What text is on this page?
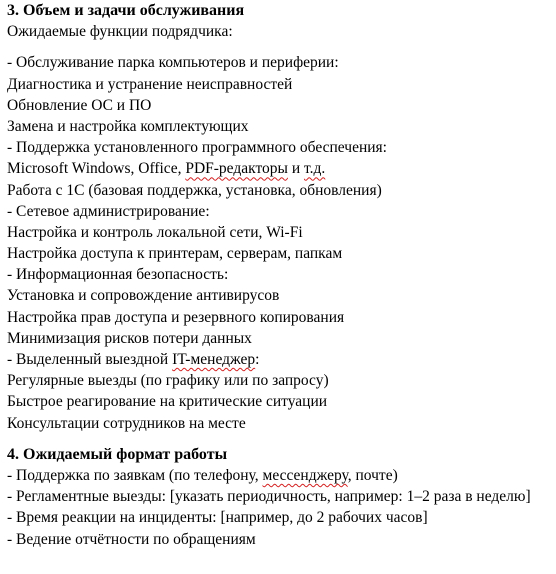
3. Объем и задачи обслуживания
Ожидаемые функции подрядчика:
- Обслуживание парка компьютеров и периферии:
Диагностика и устранение неисправностей
Обновление ОС и ПО
Замена и настройка комплектующих
- Поддержка установленного программного обеспечения:
Microsoft Windows, Office, PDF-редакторы и т.д.
Работа с 1С (базовая поддержка, установка, обновления)
- Сетевое администрирование:
Настройка и контроль локальной сети, Wi-Fi
Настройка доступа к принтерам, серверам, папкам
- Информационная безопасность:
Установка и сопровождение антивирусов
Настройка прав доступа и резервного копирования
Минимизация рисков потери данных
- Выделенный выездной IT-менеджер:
Регулярные выезды (по графику или по запросу)
Быстрое реагирование на критические ситуации
Консультации сотрудников на месте
4. Ожидаемый формат работы
- Поддержка по заявкам (по телефону, мессенджеру, почте)
- Регламентные выезды: [указать периодичность, например: 1–2 раза в неделю]
- Время реакции на инциденты: [например, до 2 рабочих часов]
- Ведение отчётности по обращениям
